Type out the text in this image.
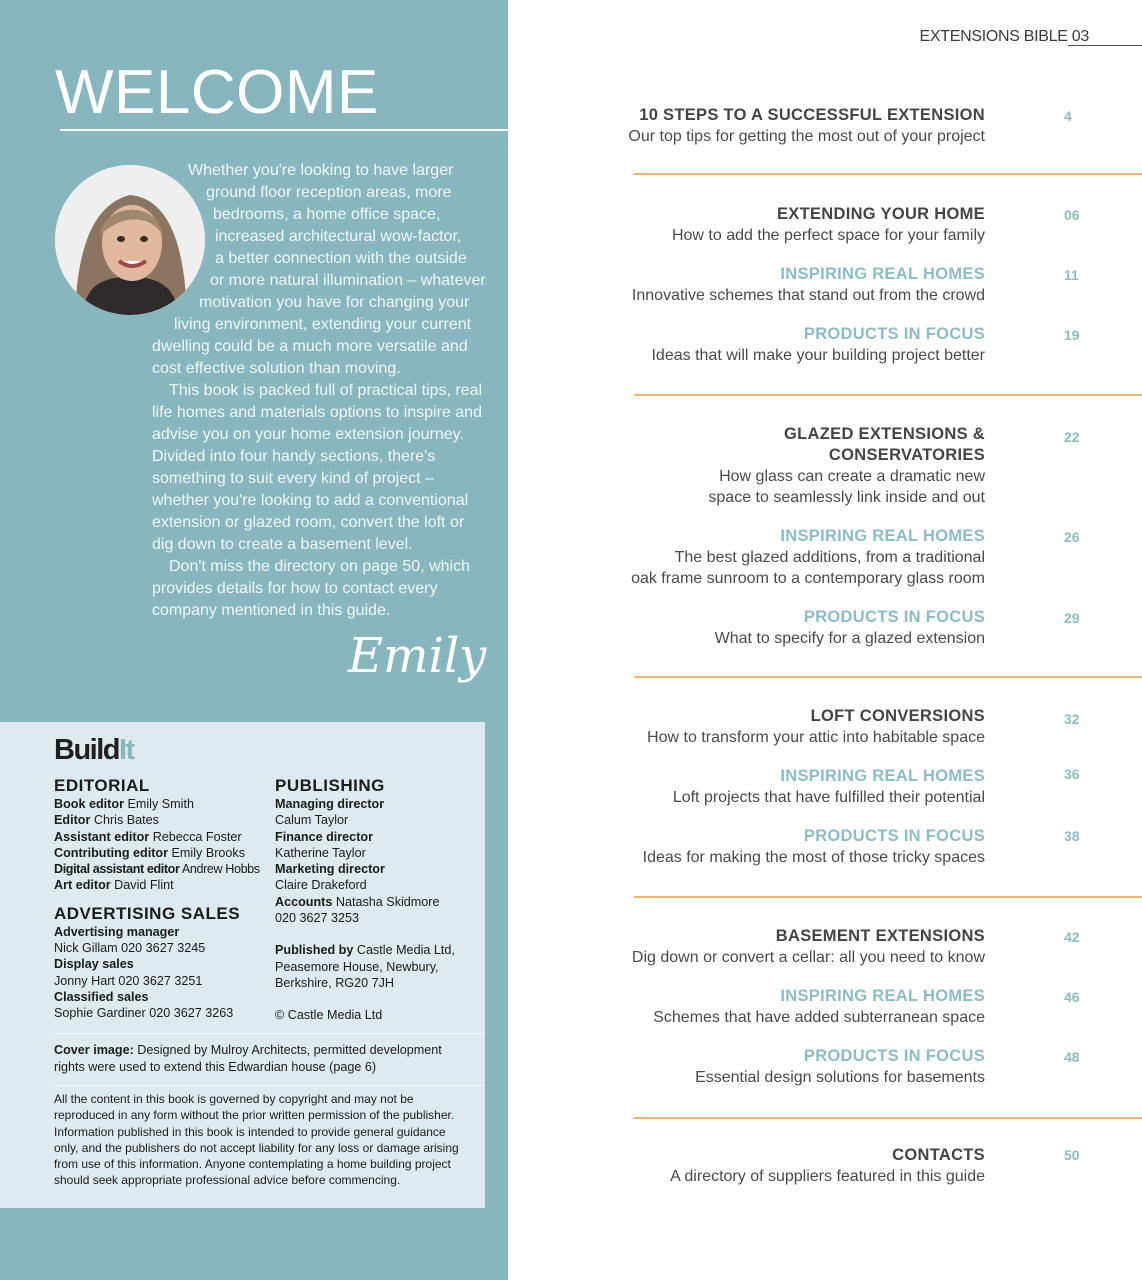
WELCOME
Whether you're looking to have larger
ground floor reception areas, more
bedrooms, a home office space,
increased architectural wow-factor,
a better connection with the outside
or more natural illumination – whatever
motivation you have for changing your
living environment, extending your current
dwelling could be a much more versatile and
cost effective solution than moving.
This book is packed full of practical tips, real
life homes and materials options to inspire and
advise you on your home extension journey.
Divided into four handy sections, there's
something to suit every kind of project –
whether you're looking to add a conventional
extension or glazed room, convert the loft or
dig down to create a basement level.
Don't miss the directory on page 50, which
provides details for how to contact every
company mentioned in this guide.
Emily
BuildIt
EDITORIAL
Book editor Emily Smith
Editor Chris Bates
Assistant editor Rebecca Foster
Contributing editor Emily Brooks
Digital assistant editor Andrew Hobbs
Art editor David Flint
ADVERTISING SALES
Advertising manager
Nick Gillam 020 3627 3245
Display sales
Jonny Hart 020 3627 3251
Classified sales
Sophie Gardiner 020 3627 3263
PUBLISHING
Managing director
Calum Taylor
Finance director
Katherine Taylor
Marketing director
Claire Drakeford
Accounts Natasha Skidmore
020 3627 3253
Published by Castle Media Ltd,
Peasemore House, Newbury,
Berkshire, RG20 7JH
© Castle Media Ltd
Cover image: Designed by Mulroy Architects, permitted development
rights were used to extend this Edwardian house (page 6)
All the content in this book is governed by copyright and may not be
reproduced in any form without the prior written permission of the publisher.
Information published in this book is intended to provide general guidance
only, and the publishers do not accept liability for any loss or damage arising
from use of this information. Anyone contemplating a home building project
should seek appropriate professional advice before commencing.
EXTENSIONS BIBLE 03
10 STEPS TO A SUCCESSFUL EXTENSION
Our top tips for getting the most out of your project
4
EXTENDING YOUR HOME
How to add the perfect space for your family
06
INSPIRING REAL HOMES
Innovative schemes that stand out from the crowd
11
PRODUCTS IN FOCUS
Ideas that will make your building project better
19
GLAZED EXTENSIONS &
CONSERVATORIES
How glass can create a dramatic new
space to seamlessly link inside and out
22
INSPIRING REAL HOMES
The best glazed additions, from a traditional
oak frame sunroom to a contemporary glass room
26
PRODUCTS IN FOCUS
What to specify for a glazed extension
29
LOFT CONVERSIONS
How to transform your attic into habitable space
32
INSPIRING REAL HOMES
Loft projects that have fulfilled their potential
36
PRODUCTS IN FOCUS
Ideas for making the most of those tricky spaces
38
BASEMENT EXTENSIONS
Dig down or convert a cellar: all you need to know
42
INSPIRING REAL HOMES
Schemes that have added subterranean space
46
PRODUCTS IN FOCUS
Essential design solutions for basements
48
CONTACTS
A directory of suppliers featured in this guide
50
